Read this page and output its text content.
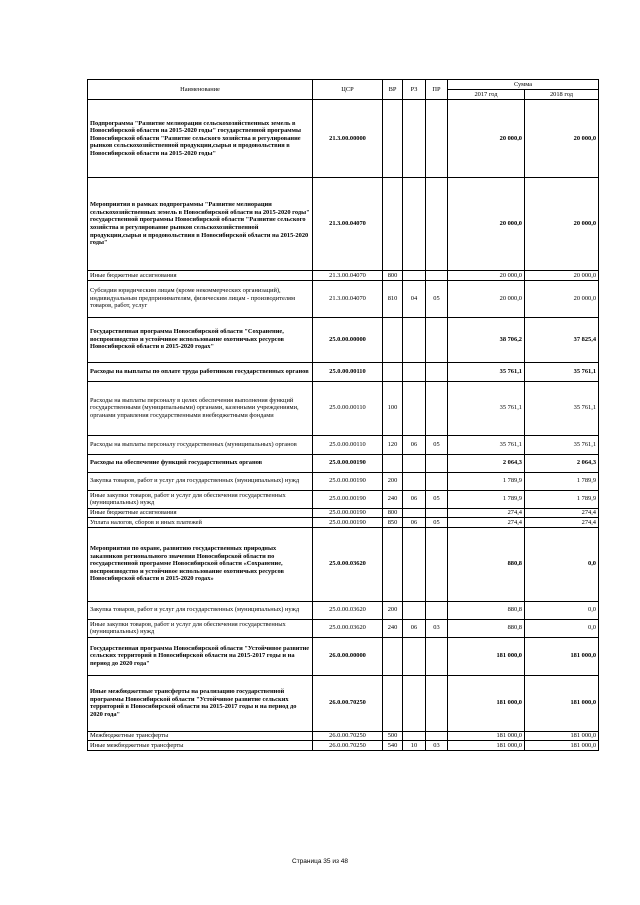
Наименование	ЦСР	ВР	РЗ	ПР	Сумма	
					2017 год	2018 год
Подпрограмма "Развитие мелиорации сельскохозяйственных земель в Новосибирской области на 2015-2020 годы" государственной программы Новосибирской области "Развитие сельского хозяйства и регулирование рынков сельскохозяйственной продукции,сырья и продовольствия в Новосибирской области на 2015-2020 годы"	21.3.00.00000				20 000,0	20 000,0
Мероприятия в рамках подпрограммы "Развитие мелиорации сельскохозяйственных земель в Новосибирской области на 2015-2020 годы" государственной программы Новосибирской области "Развитие сельского хозяйства и регулирование рынков сельскохозяйственной продукции,сырья и продовольствия в Новосибирской области на 2015-2020 годы"	21.3.00.04070				20 000,0	20 000,0
Иные бюджетные ассигнования	21.3.00.04070	800			20 000,0	20 000,0
Субсидии юридическим лицам (кроме некоммерческих организаций), индивидуальным предпринимателям, физическим лицам - производителям товаров, работ, услуг	21.3.00.04070	810	04	05	20 000,0	20 000,0
Государственная программа Новосибирской области "Сохранение, воспроизводство и устойчивое использование охотничьих ресурсов Новосибирской области в 2015-2020 годах"	25.0.00.00000				38 706,2	37 825,4
Расходы на выплаты по оплате труда работников государственных органов	25.0.00.00110				35 761,1	35 761,1
Расходы на выплаты персоналу в целях обеспечения выполнения функций государственными (муниципальными) органами, казенными учреждениями, органами управления государственными внебюджетными фондами	25.0.00.00110	100			35 761,1	35 761,1
Расходы на выплаты персоналу государственных (муниципальных) органов	25.0.00.00110	120	06	05	35 761,1	35 761,1
Расходы на обеспечение функций государственных органов	25.0.00.00190				2 064,3	2 064,3
Закупка товаров, работ и услуг для государственных (муниципальных) нужд	25.0.00.00190	200			1 789,9	1 789,9
Иные закупки товаров, работ и услуг для обеспечения государственных (муниципальных) нужд	25.0.00.00190	240	06	05	1 789,9	1 789,9
Иные бюджетные ассигнования	25.0.00.00190	800			274,4	274,4
Уплата налогов, сборов и иных платежей	25.0.00.00190	850	06	05	274,4	274,4
Мероприятия по охране, развитию государственных природных заказников регионального значения Новосибирской области по государственной программе Новосибирской области «Сохранение, воспроизводство и устойчивое использование охотничьих ресурсов Новосибирской области в 2015-2020 годах»	25.0.00.03620				880,8	0,0
Закупка товаров, работ и услуг для государственных (муниципальных) нужд	25.0.00.03620	200			880,8	0,0
Иные закупки товаров, работ и услуг для обеспечения государственных (муниципальных) нужд	25.0.00.03620	240	06	03	880,8	0,0
Государственная программа Новосибирской области "Устойчивое развитие сельских территорий в Новосибирской области на 2015-2017 годы и на период до 2020 года"	26.0.00.00000				181 000,0	181 000,0
Иные межбюджетные трансферты на реализацию государственной программы Новосибирской области "Устойчивое развитие сельских территорий в Новосибирской области на 2015-2017 годы и на период до 2020 года"	26.0.00.70250				181 000,0	181 000,0
Межбюджетные трансферты	26.0.00.70250	500			181 000,0	181 000,0
Иные межбюджетные трансферты	26.0.00.70250	540	10	03	181 000,0	181 000,0
Страница 35 из 48
